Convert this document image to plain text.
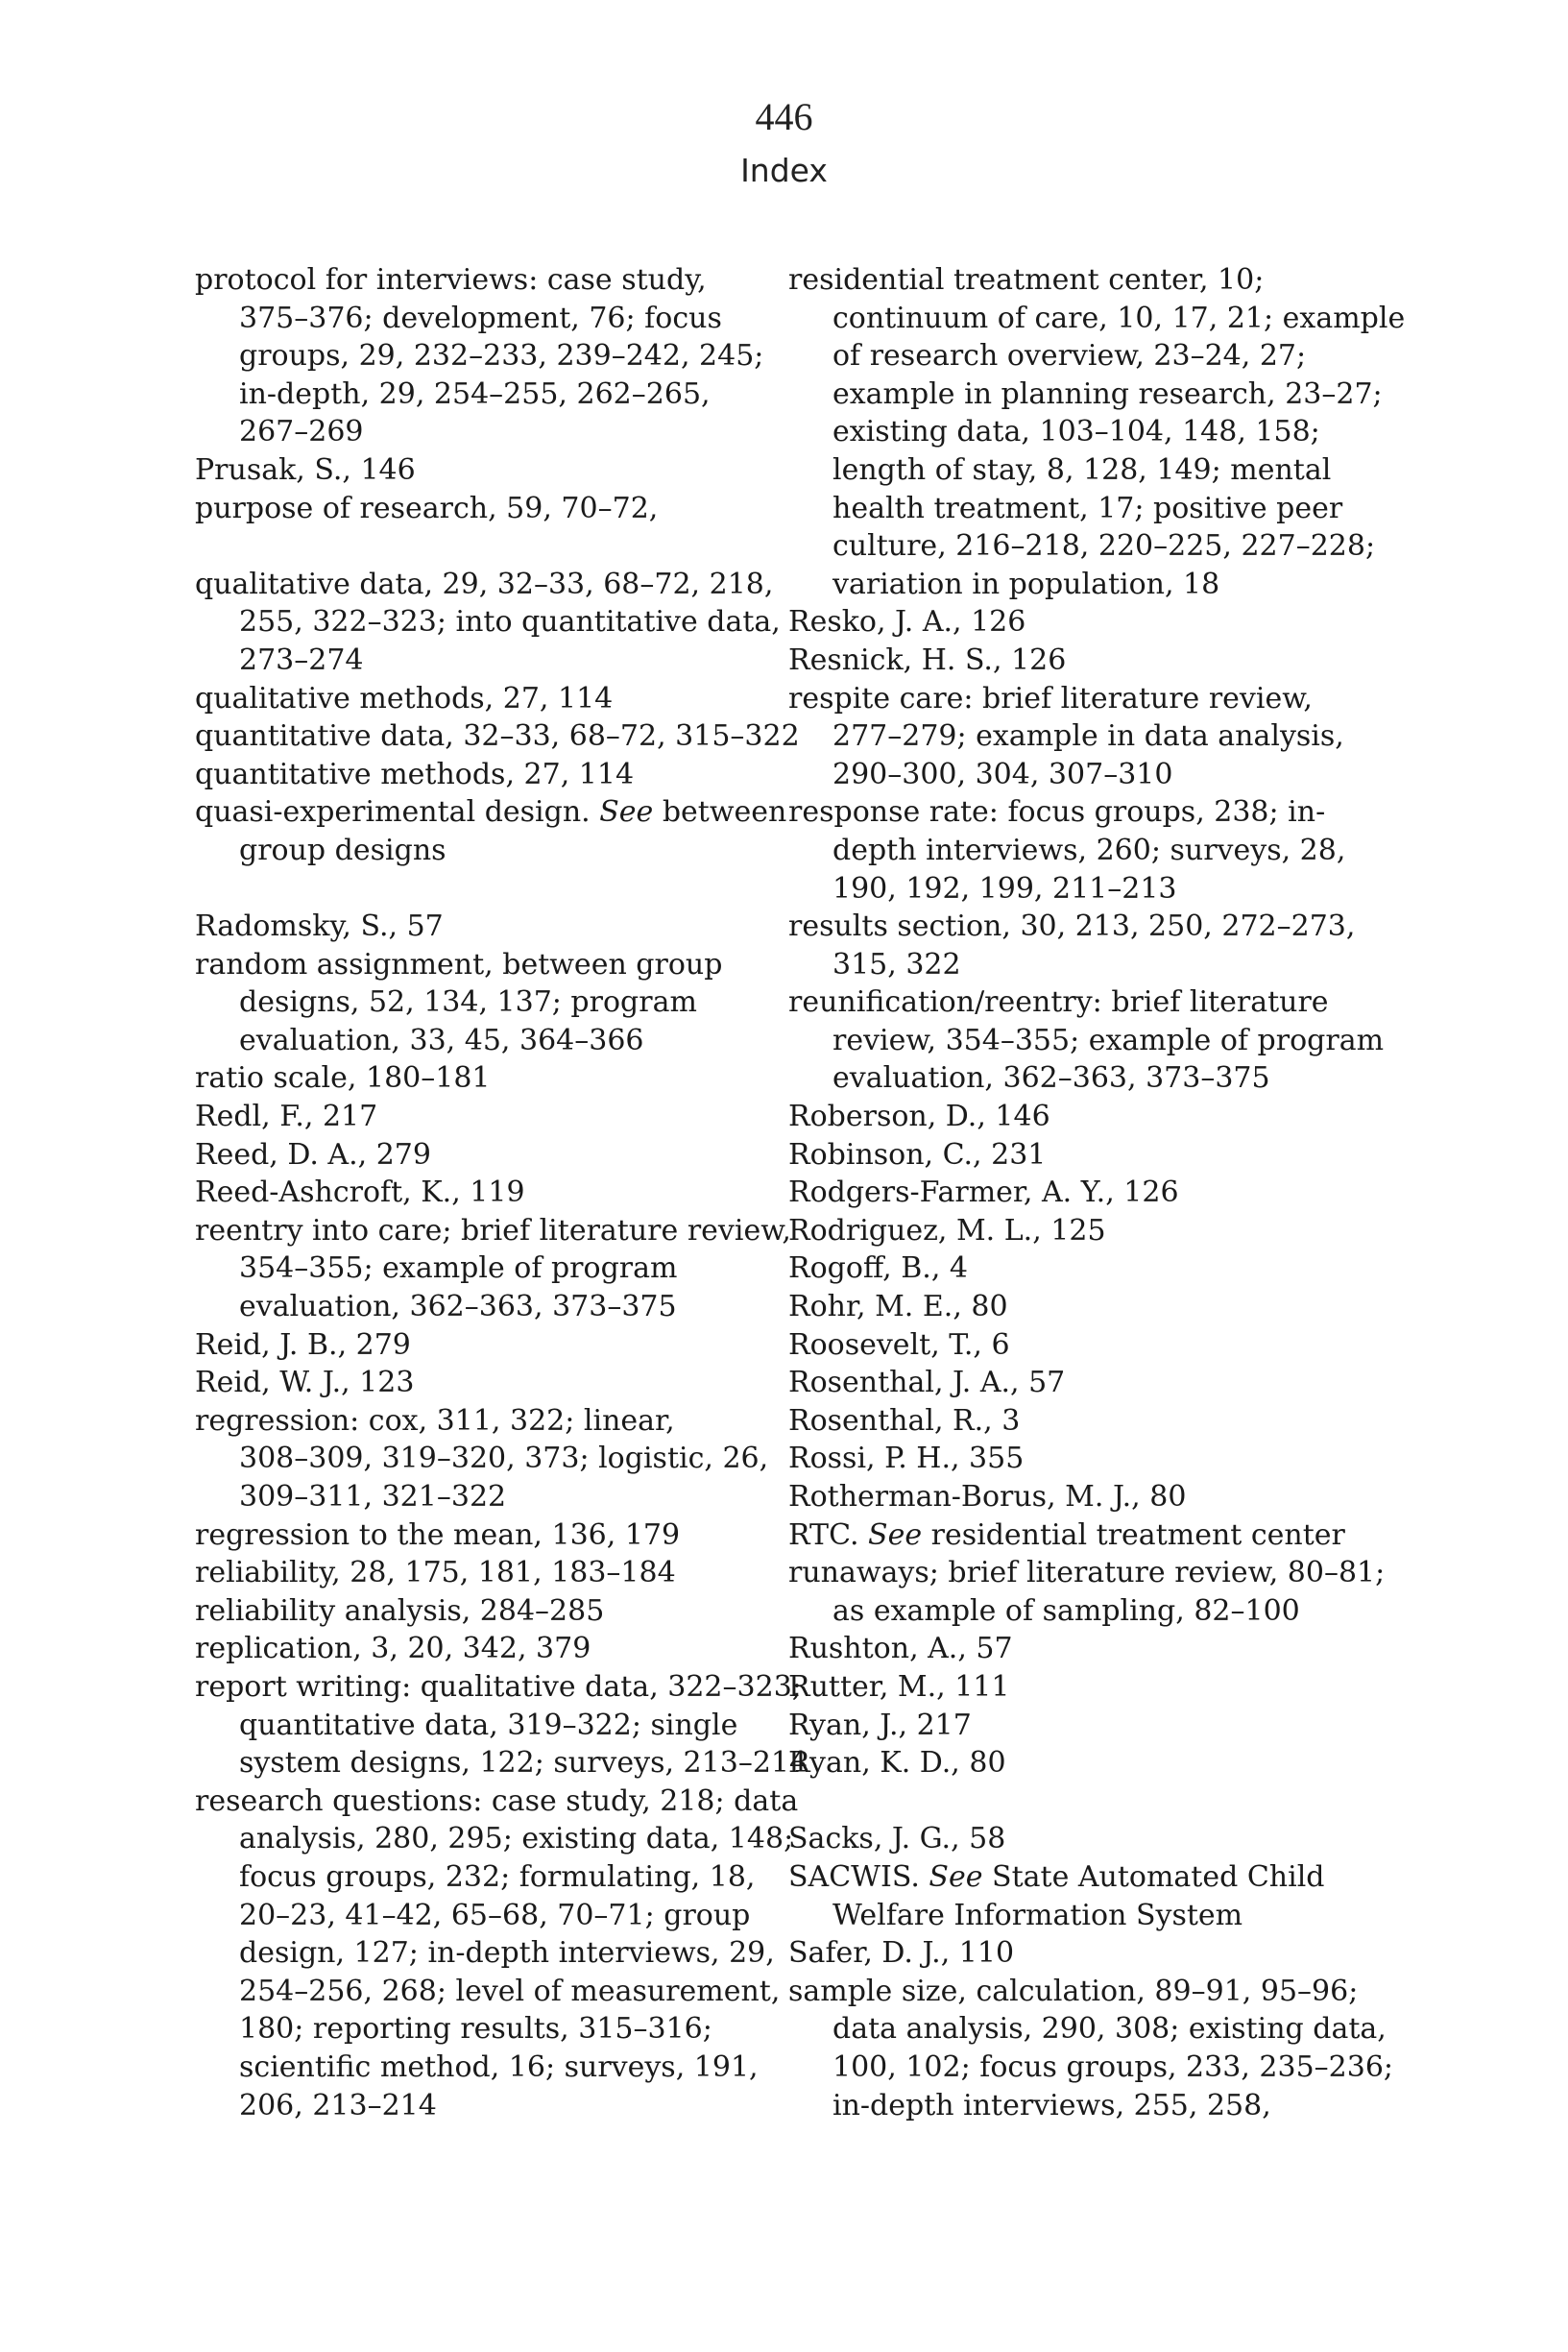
446
Index
protocol for interviews: case study,
375–376; development, 76; focus
groups, 29, 232–233, 239–242, 245;
in-depth, 29, 254–255, 262–265,
267–269
Prusak, S., 146
purpose of research, 59, 70–72,
qualitative data, 29, 32–33, 68–72, 218,
255, 322–323; into quantitative data,
273–274
qualitative methods, 27, 114
quantitative data, 32–33, 68–72, 315–322
quantitative methods, 27, 114
quasi-experimental design. See between
group designs
Radomsky, S., 57
random assignment, between group
designs, 52, 134, 137; program
evaluation, 33, 45, 364–366
ratio scale, 180–181
Redl, F., 217
Reed, D. A., 279
Reed-Ashcroft, K., 119
reentry into care; brief literature review,
354–355; example of program
evaluation, 362–363, 373–375
Reid, J. B., 279
Reid, W. J., 123
regression: cox, 311, 322; linear,
308–309, 319–320, 373; logistic, 26,
309–311, 321–322
regression to the mean, 136, 179
reliability, 28, 175, 181, 183–184
reliability analysis, 284–285
replication, 3, 20, 342, 379
report writing: qualitative data, 322–323;
quantitative data, 319–322; single
system designs, 122; surveys, 213–214
research questions: case study, 218; data
analysis, 280, 295; existing data, 148;
focus groups, 232; formulating, 18,
20–23, 41–42, 65–68, 70–71; group
design, 127; in-depth interviews, 29,
254–256, 268; level of measurement,
180; reporting results, 315–316;
scientific method, 16; surveys, 191,
206, 213–214
residential treatment center, 10;
continuum of care, 10, 17, 21; example
of research overview, 23–24, 27;
example in planning research, 23–27;
existing data, 103–104, 148, 158;
length of stay, 8, 128, 149; mental
health treatment, 17; positive peer
culture, 216–218, 220–225, 227–228;
variation in population, 18
Resko, J. A., 126
Resnick, H. S., 126
respite care: brief literature review,
277–279; example in data analysis,
290–300, 304, 307–310
response rate: focus groups, 238; in-
depth interviews, 260; surveys, 28,
190, 192, 199, 211–213
results section, 30, 213, 250, 272–273,
315, 322
reunification/reentry: brief literature
review, 354–355; example of program
evaluation, 362–363, 373–375
Roberson, D., 146
Robinson, C., 231
Rodgers-Farmer, A. Y., 126
Rodriguez, M. L., 125
Rogoff, B., 4
Rohr, M. E., 80
Roosevelt, T., 6
Rosenthal, J. A., 57
Rosenthal, R., 3
Rossi, P. H., 355
Rotherman-Borus, M. J., 80
RTC. See residential treatment center
runaways; brief literature review, 80–81;
as example of sampling, 82–100
Rushton, A., 57
Rutter, M., 111
Ryan, J., 217
Ryan, K. D., 80
Sacks, J. G., 58
SACWIS. See State Automated Child
Welfare Information System
Safer, D. J., 110
sample size, calculation, 89–91, 95–96;
data analysis, 290, 308; existing data,
100, 102; focus groups, 233, 235–236;
in-depth interviews, 255, 258,
